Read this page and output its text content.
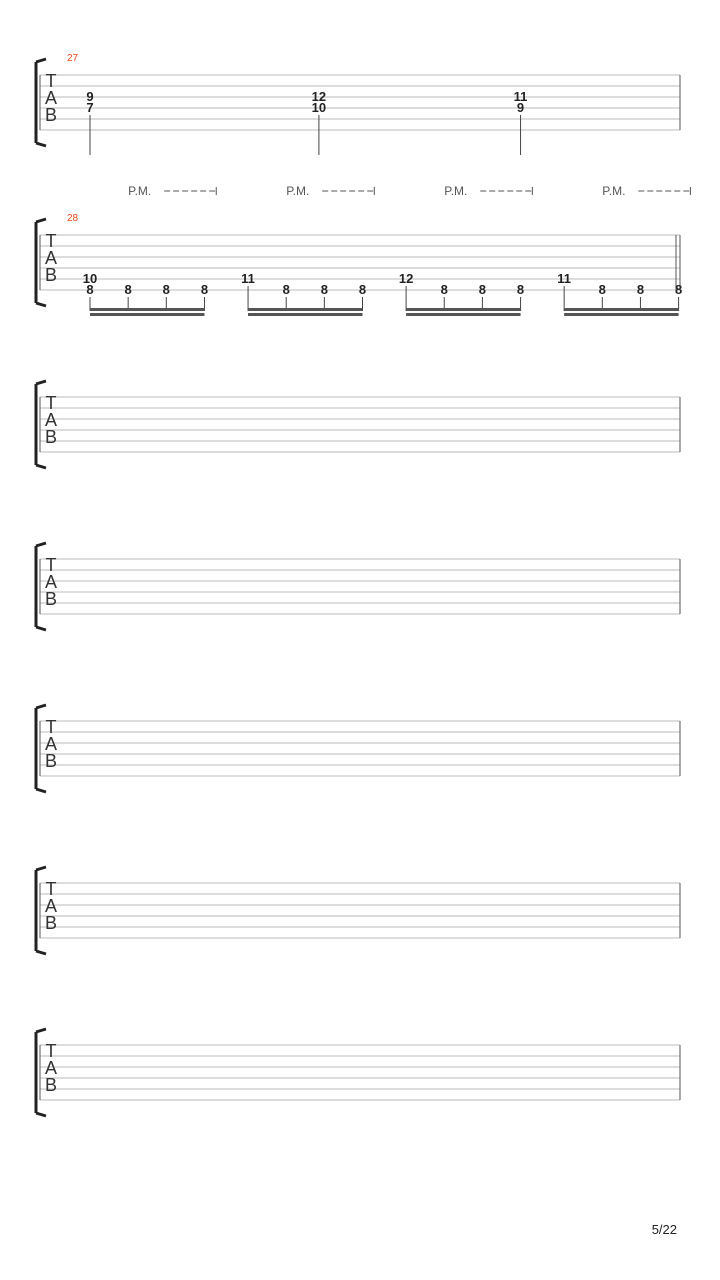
T
A
B
27
9
7
12
10
11
9
T
A
B
28
P.M.	P.M.	P.M.	P.M.
10
8 8 8 8
11
8 8 8
12
8 8 8
11
8 8 8
T
A
B
T
A
B
T
A
B
T
A
B
T
A
B
5/22
